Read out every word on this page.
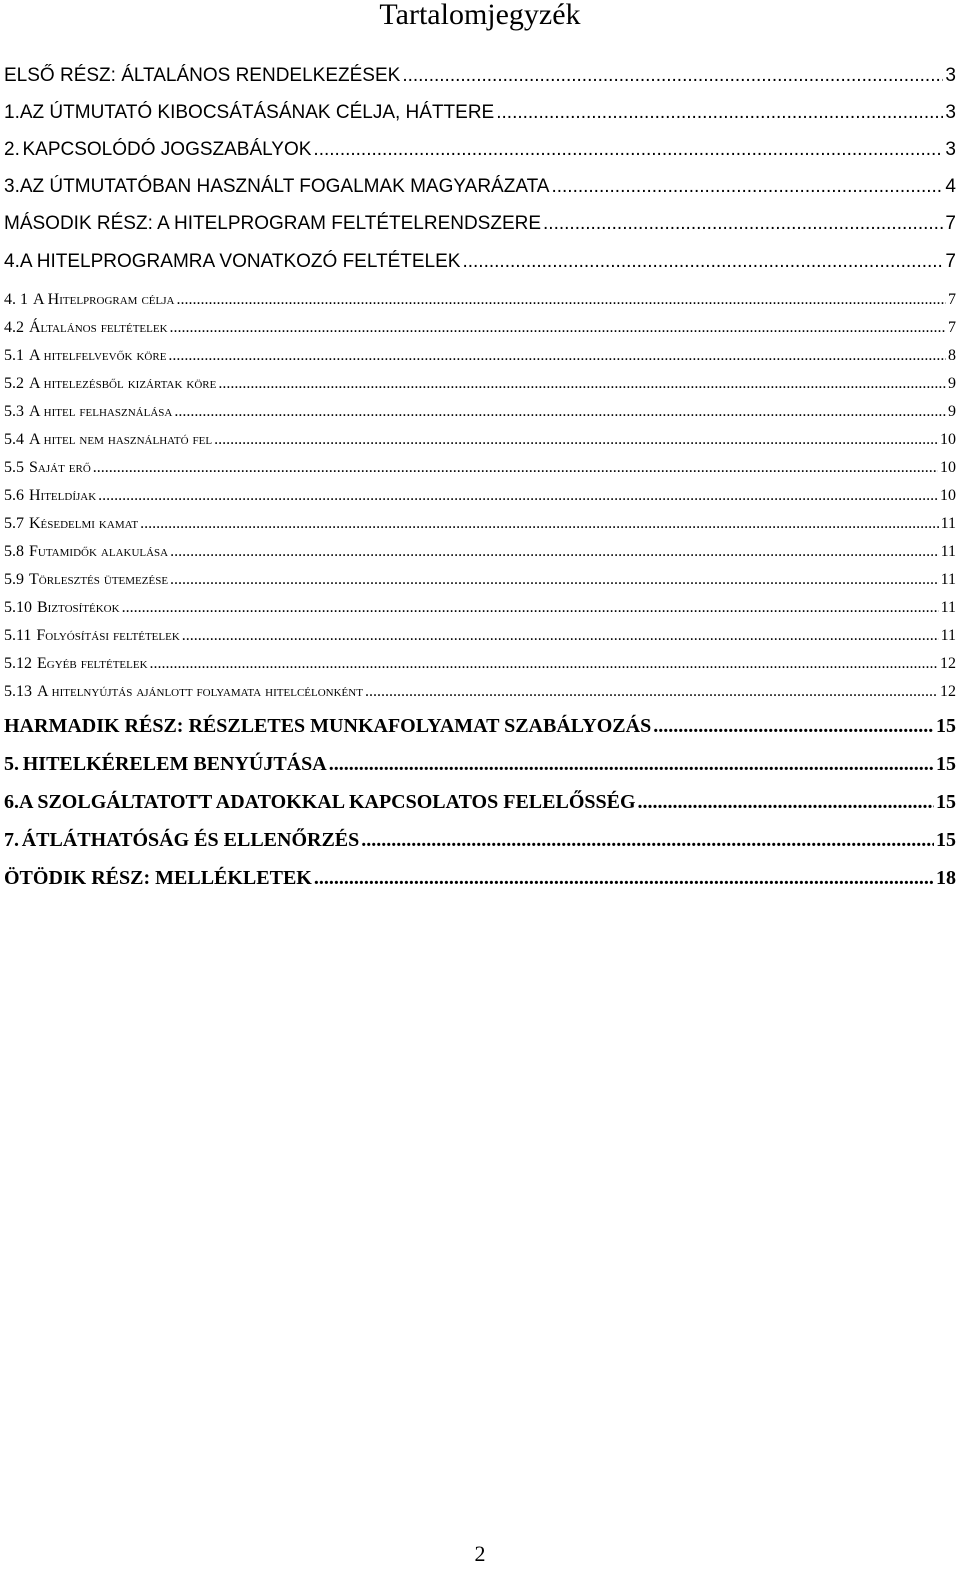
Tartalomjegyzék
ELSŐ RÉSZ: ÁLTALÁNOS RENDELKEZÉSEK .....	3
1. AZ ÚTMUTATÓ KIBOCSÁTÁSÁNAK CÉLJA, HÁTTERE .....	3
2. KAPCSOLÓDÓ JOGSZABÁLYOK .....	3
3. AZ ÚTMUTATÓBAN HASZNÁLT FOGALMAK MAGYARÁZATA .....	4
MÁSODIK RÉSZ: A HITELPROGRAM FELTÉTELRENDSZERE .....	7
4. A HITELPROGRAMRA VONATKOZÓ FELTÉTELEK .....	7
4. 1 A Hitelprogram célja .....	7
4.2 Általános feltételek .....	7
5.1 A hitelfelvevők köre .....	8
5.2 A hitelezésből kizártak köre .....	9
5.3 A hitel felhasználása .....	9
5.4 A hitel nem használható fel .....	10
5.5 Saját erő .....	10
5.6 Hiteldíjak .....	10
5.7 Késedelmi kamat .....	11
5.8 Futamidők alakulása .....	11
5.9 Törlesztés ütemezése .....	11
5.10 Biztosítékok .....	11
5.11 Folyósítási feltételek .....	11
5.12 Egyéb feltételek .....	12
5.13 A hitelnyújtás ajánlott folyamata hitelcélonként .....	12
HARMADIK RÉSZ: RÉSZLETES MUNKAFOLYAMAT SZABÁLYOZÁS .....	15
5. HITELKÉRELEM BENYÚJTÁSA .....	15
6. A SZOLGÁLTATOTT ADATOKKAL KAPCSOLATOS FELELŐSSÉG .....	15
7. ÁTLÁTHATÓSÁG ÉS ELLENŐRZÉS .....	15
ÖTÖDIK RÉSZ: MELLÉKLETEK .....	18
2
